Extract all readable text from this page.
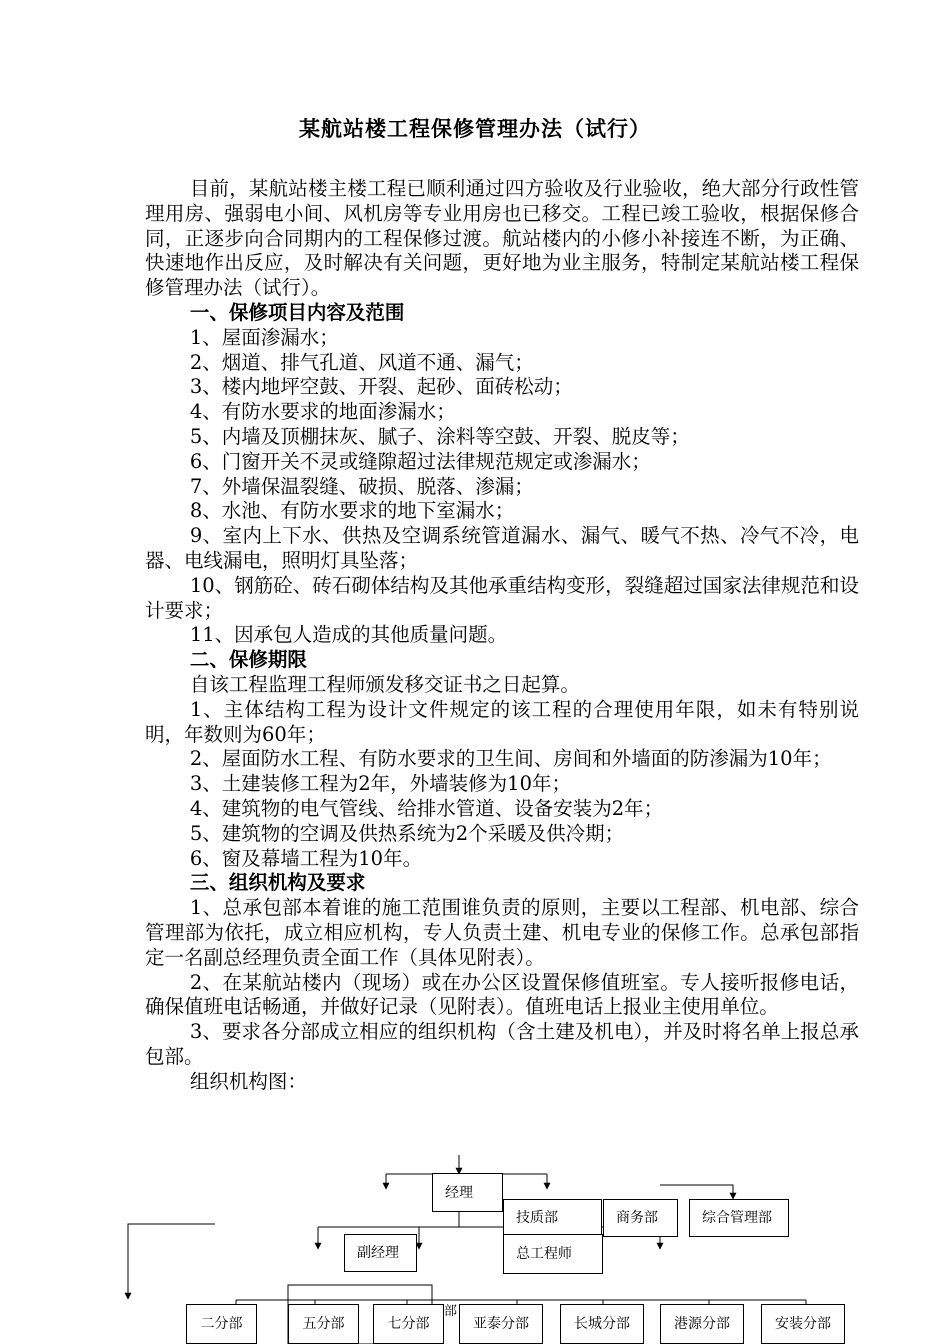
某航站楼工程保修管理办法（试行）

目前，某航站楼主楼工程已顺利通过四方验收及行业验收，绝大部分行政性管理用房、强弱电小间、风机房等专业用房也已移交。工程已竣工验收，根据保修合同，正逐步向合同期内的工程保修过渡。航站楼内的小修小补接连不断，为正确、快速地作出反应，及时解决有关问题，更好地为业主服务，特制定某航站楼工程保修管理办法（试行）。

一、保修项目内容及范围

1、屋面渗漏水；

2、烟道、排气孔道、风道不通、漏气；

3、楼内地坪空鼓、开裂、起砂、面砖松动；

4、有防水要求的地面渗漏水；

5、内墙及顶棚抹灰、腻子、涂料等空鼓、开裂、脱皮等；

6、门窗开关不灵或缝隙超过法律规范规定或渗漏水；

7、外墙保温裂缝、破损、脱落、渗漏；

8、水池、有防水要求的地下室漏水；

9、室内上下水、供热及空调系统管道漏水、漏气、暖气不热、冷气不冷，电器、电线漏电，照明灯具坠落；

10、钢筋砼、砖石砌体结构及其他承重结构变形，裂缝超过国家法律规范和设计要求；

11、因承包人造成的其他质量问题。

二、保修期限

自该工程监理工程师颁发移交证书之日起算。

1、主体结构工程为设计文件规定的该工程的合理使用年限，如未有特别说明，年数则为60年；

2、屋面防水工程、有防水要求的卫生间、房间和外墙面的防渗漏为10年；

3、土建装修工程为2年，外墙装修为10年；

4、建筑物的电气管线、给排水管道、设备安装为2年；

5、建筑物的空调及供热系统为2个采暖及供冷期；

6、窗及幕墙工程为10年。

三、组织机构及要求

1、总承包部本着谁的施工范围谁负责的原则，主要以工程部、机电部、综合管理部为依托，成立相应机构，专人负责土建、机电专业的保修工作。总承包部指定一名副总经理负责全面工作（具体见附表）。

2、在某航站楼内（现场）或在办公区设置保修值班室。专人接听报修电话，确保值班电话畅通，并做好记录（见附表）。值班电话上报业主使用单位。

3、要求各分部成立相应的组织机构（含土建及机电），并及时将名单上报总承包部。

组织机构图：

经理
技质部	商务部	综合管理部
副经理	总工程师
部
二分部	五分部	七分部	亚泰分部	长城分部	港源分部	安装分部
